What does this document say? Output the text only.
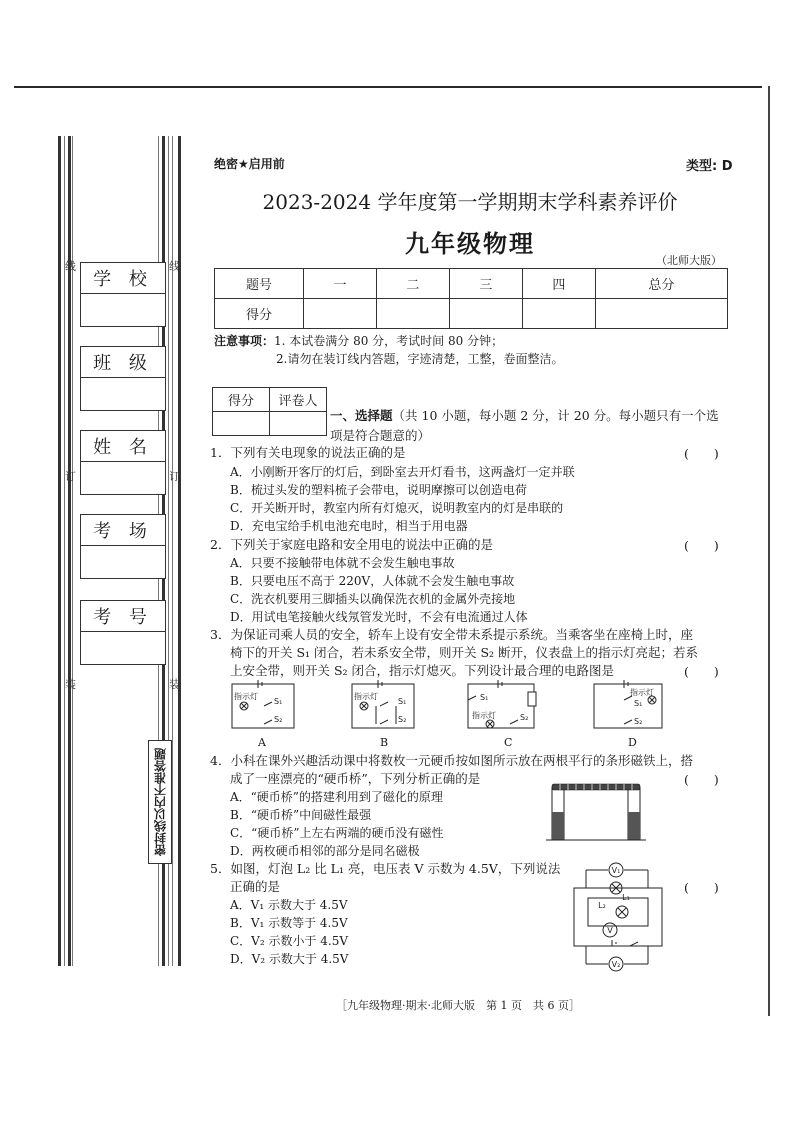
线	线
订	订
装	装
学 校
班 级
姓 名
考 场
考 号
密封线以内不准答题
绝密★启用前	类型: D
2023-2024 学年度第一学期期末学科素养评价
九年级物理
（北师大版）
题号	一	二	三	四	总分
得分					
注意事项：1. 本试卷满分 80 分，考试时间 80 分钟；
2.请勿在装订线内答题，字迹清楚，工整，卷面整洁。
得分	评卷人

一、选择题（共 10 小题，每小题 2 分，计 20 分。每小题只有一个选项是符合题意的）
1．下列有关电现象的说法正确的是	(　　)
A．小刚断开客厅的灯后，到卧室去开灯看书，这两盏灯一定并联
B．梳过头发的塑料梳子会带电，说明摩擦可以创造电荷
C．开关断开时，教室内所有灯熄灭，说明教室内的灯是串联的
D．充电宝给手机电池充电时，相当于用电器
2．下列关于家庭电路和安全用电的说法中正确的是	(　　)
A．只要不接触带电体就不会发生触电事故
B．只要电压不高于 220V，人体就不会发生触电事故
C．洗衣机要用三脚插头以确保洗衣机的金属外壳接地
D．用试电笔接触火线氖管发光时，不会有电流通过人体
3．为保证司乘人员的安全，轿车上设有安全带未系提示系统。当乘客坐在座椅上时，座
椅下的开关 S₁ 闭合，若未系安全带，则开关 S₂ 断开，仪表盘上的指示灯亮起；若系
上安全带，则开关 S₂ 闭合，指示灯熄灭。下列设计最合理的电路图是	(　　)
指示灯
S₁
S₂
指示灯
S₁
S₂
S₁
指示灯	S₂
指示灯
S₁
S₂
A	B	C	D
4．小科在课外兴趣活动课中将数枚一元硬币按如图所示放在两根平行的条形磁铁上，搭
成了一座漂亮的“硬币桥”，下列分析正确的是	(　　)
A．“硬币桥”的搭建利用到了磁化的原理
B．“硬币桥”中间磁性最强
C．“硬币桥”上左右两端的硬币没有磁性
D．两枚硬币相邻的部分是同名磁极
5．如图，灯泡 L₂ 比 L₁ 亮，电压表 V 示数为 4.5V，下列说法
正确的是	(　　)
A．V₁ 示数大于 4.5V
B．V₁ 示数等于 4.5V
C．V₂ 示数小于 4.5V
D．V₂ 示数大于 4.5V
V₁
L₁
L₂
V
V₂
［九年级物理·期末·北师大版　第 1 页　共 6 页］
